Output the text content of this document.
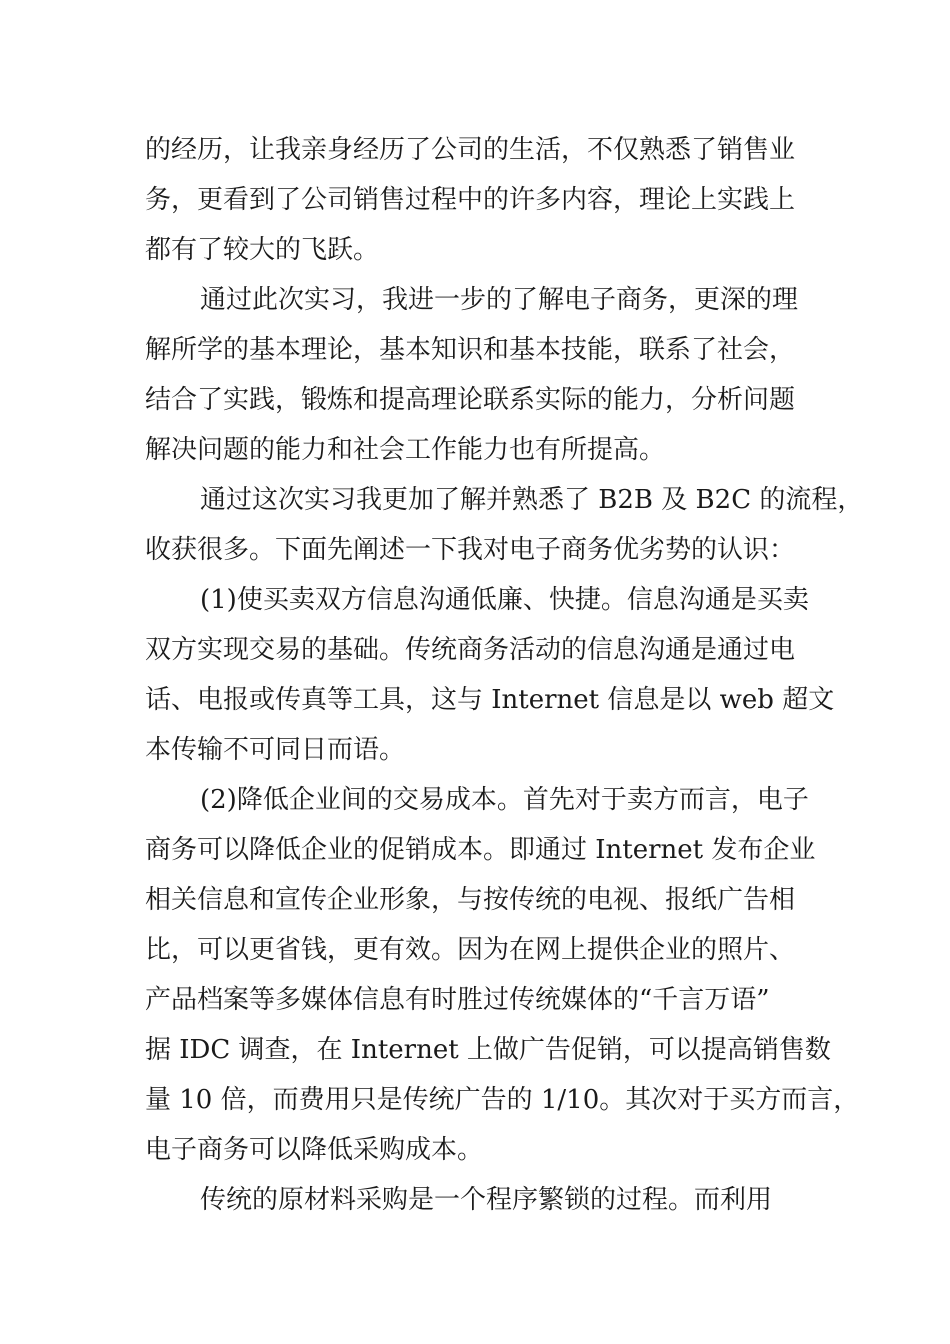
的经历，让我亲身经历了公司的生活，不仅熟悉了销售业
务，更看到了公司销售过程中的许多内容，理论上实践上
都有了较大的飞跃。
通过此次实习，我进一步的了解电子商务，更深的理
解所学的基本理论，基本知识和基本技能，联系了社会，
结合了实践，锻炼和提高理论联系实际的能力，分析问题
解决问题的能力和社会工作能力也有所提高。
通过这次实习我更加了解并熟悉了 B2B 及 B2C 的流程，
收获很多。下面先阐述一下我对电子商务优劣势的认识：
(1)使买卖双方信息沟通低廉、快捷。信息沟通是买卖
双方实现交易的基础。传统商务活动的信息沟通是通过电
话、电报或传真等工具，这与 Internet 信息是以 web 超文
本传输不可同日而语。
(2)降低企业间的交易成本。首先对于卖方而言，电子
商务可以降低企业的促销成本。即通过 Internet 发布企业
相关信息和宣传企业形象，与按传统的电视、报纸广告相
比，可以更省钱，更有效。因为在网上提供企业的照片、
产品档案等多媒体信息有时胜过传统媒体的“千言万语”
据 IDC 调查，在 Internet 上做广告促销，可以提高销售数
量 10 倍，而费用只是传统广告的 1/10。其次对于买方而言，
电子商务可以降低采购成本。
传统的原材料采购是一个程序繁锁的过程。而利用
